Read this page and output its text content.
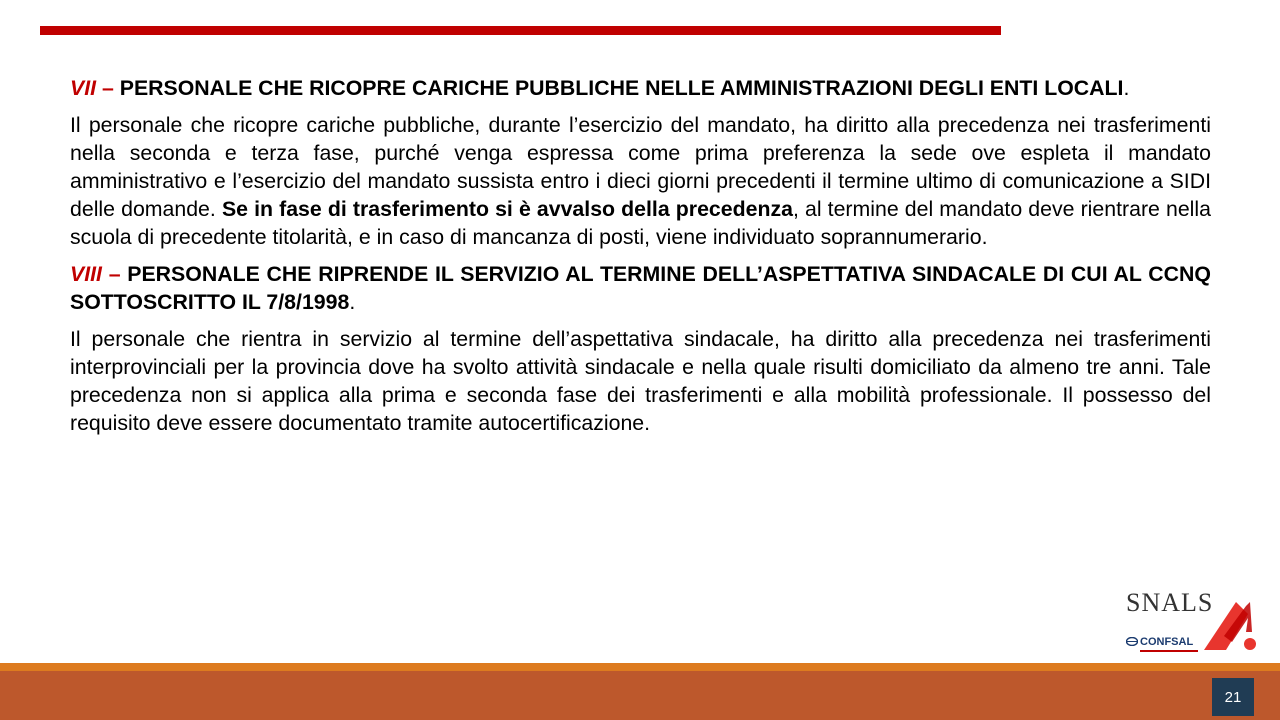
VII – PERSONALE CHE RICOPRE CARICHE PUBBLICHE NELLE AMMINISTRAZIONI DEGLI ENTI LOCALI.

Il personale che ricopre cariche pubbliche, durante l’esercizio del mandato, ha diritto alla precedenza nei trasferimenti nella seconda e terza fase, purché venga espressa come prima preferenza la sede ove espleta il mandato amministrativo e l’esercizio del mandato sussista entro i dieci giorni precedenti il termine ultimo di comunicazione a SIDI delle domande. Se in fase di trasferimento si è avvalso della precedenza, al termine del mandato deve rientrare nella scuola di precedente titolarità, e in caso di mancanza di posti, viene individuato soprannumerario.

VIII – PERSONALE CHE RIPRENDE IL SERVIZIO AL TERMINE DELL’ASPETTATIVA SINDACALE DI CUI AL CCNQ SOTTOSCRITTO IL 7/8/1998.

Il personale che rientra in servizio al termine dell’aspettativa sindacale, ha diritto alla precedenza nei trasferimenti interprovinciali per la provincia dove ha svolto attività sindacale e nella quale risulti domiciliato da almeno tre anni. Tale precedenza non si applica alla prima e seconda fase dei trasferimenti e alla mobilità professionale. Il possesso del requisito deve essere documentato tramite autocertificazione.

SNALS
CONFSAL
21
